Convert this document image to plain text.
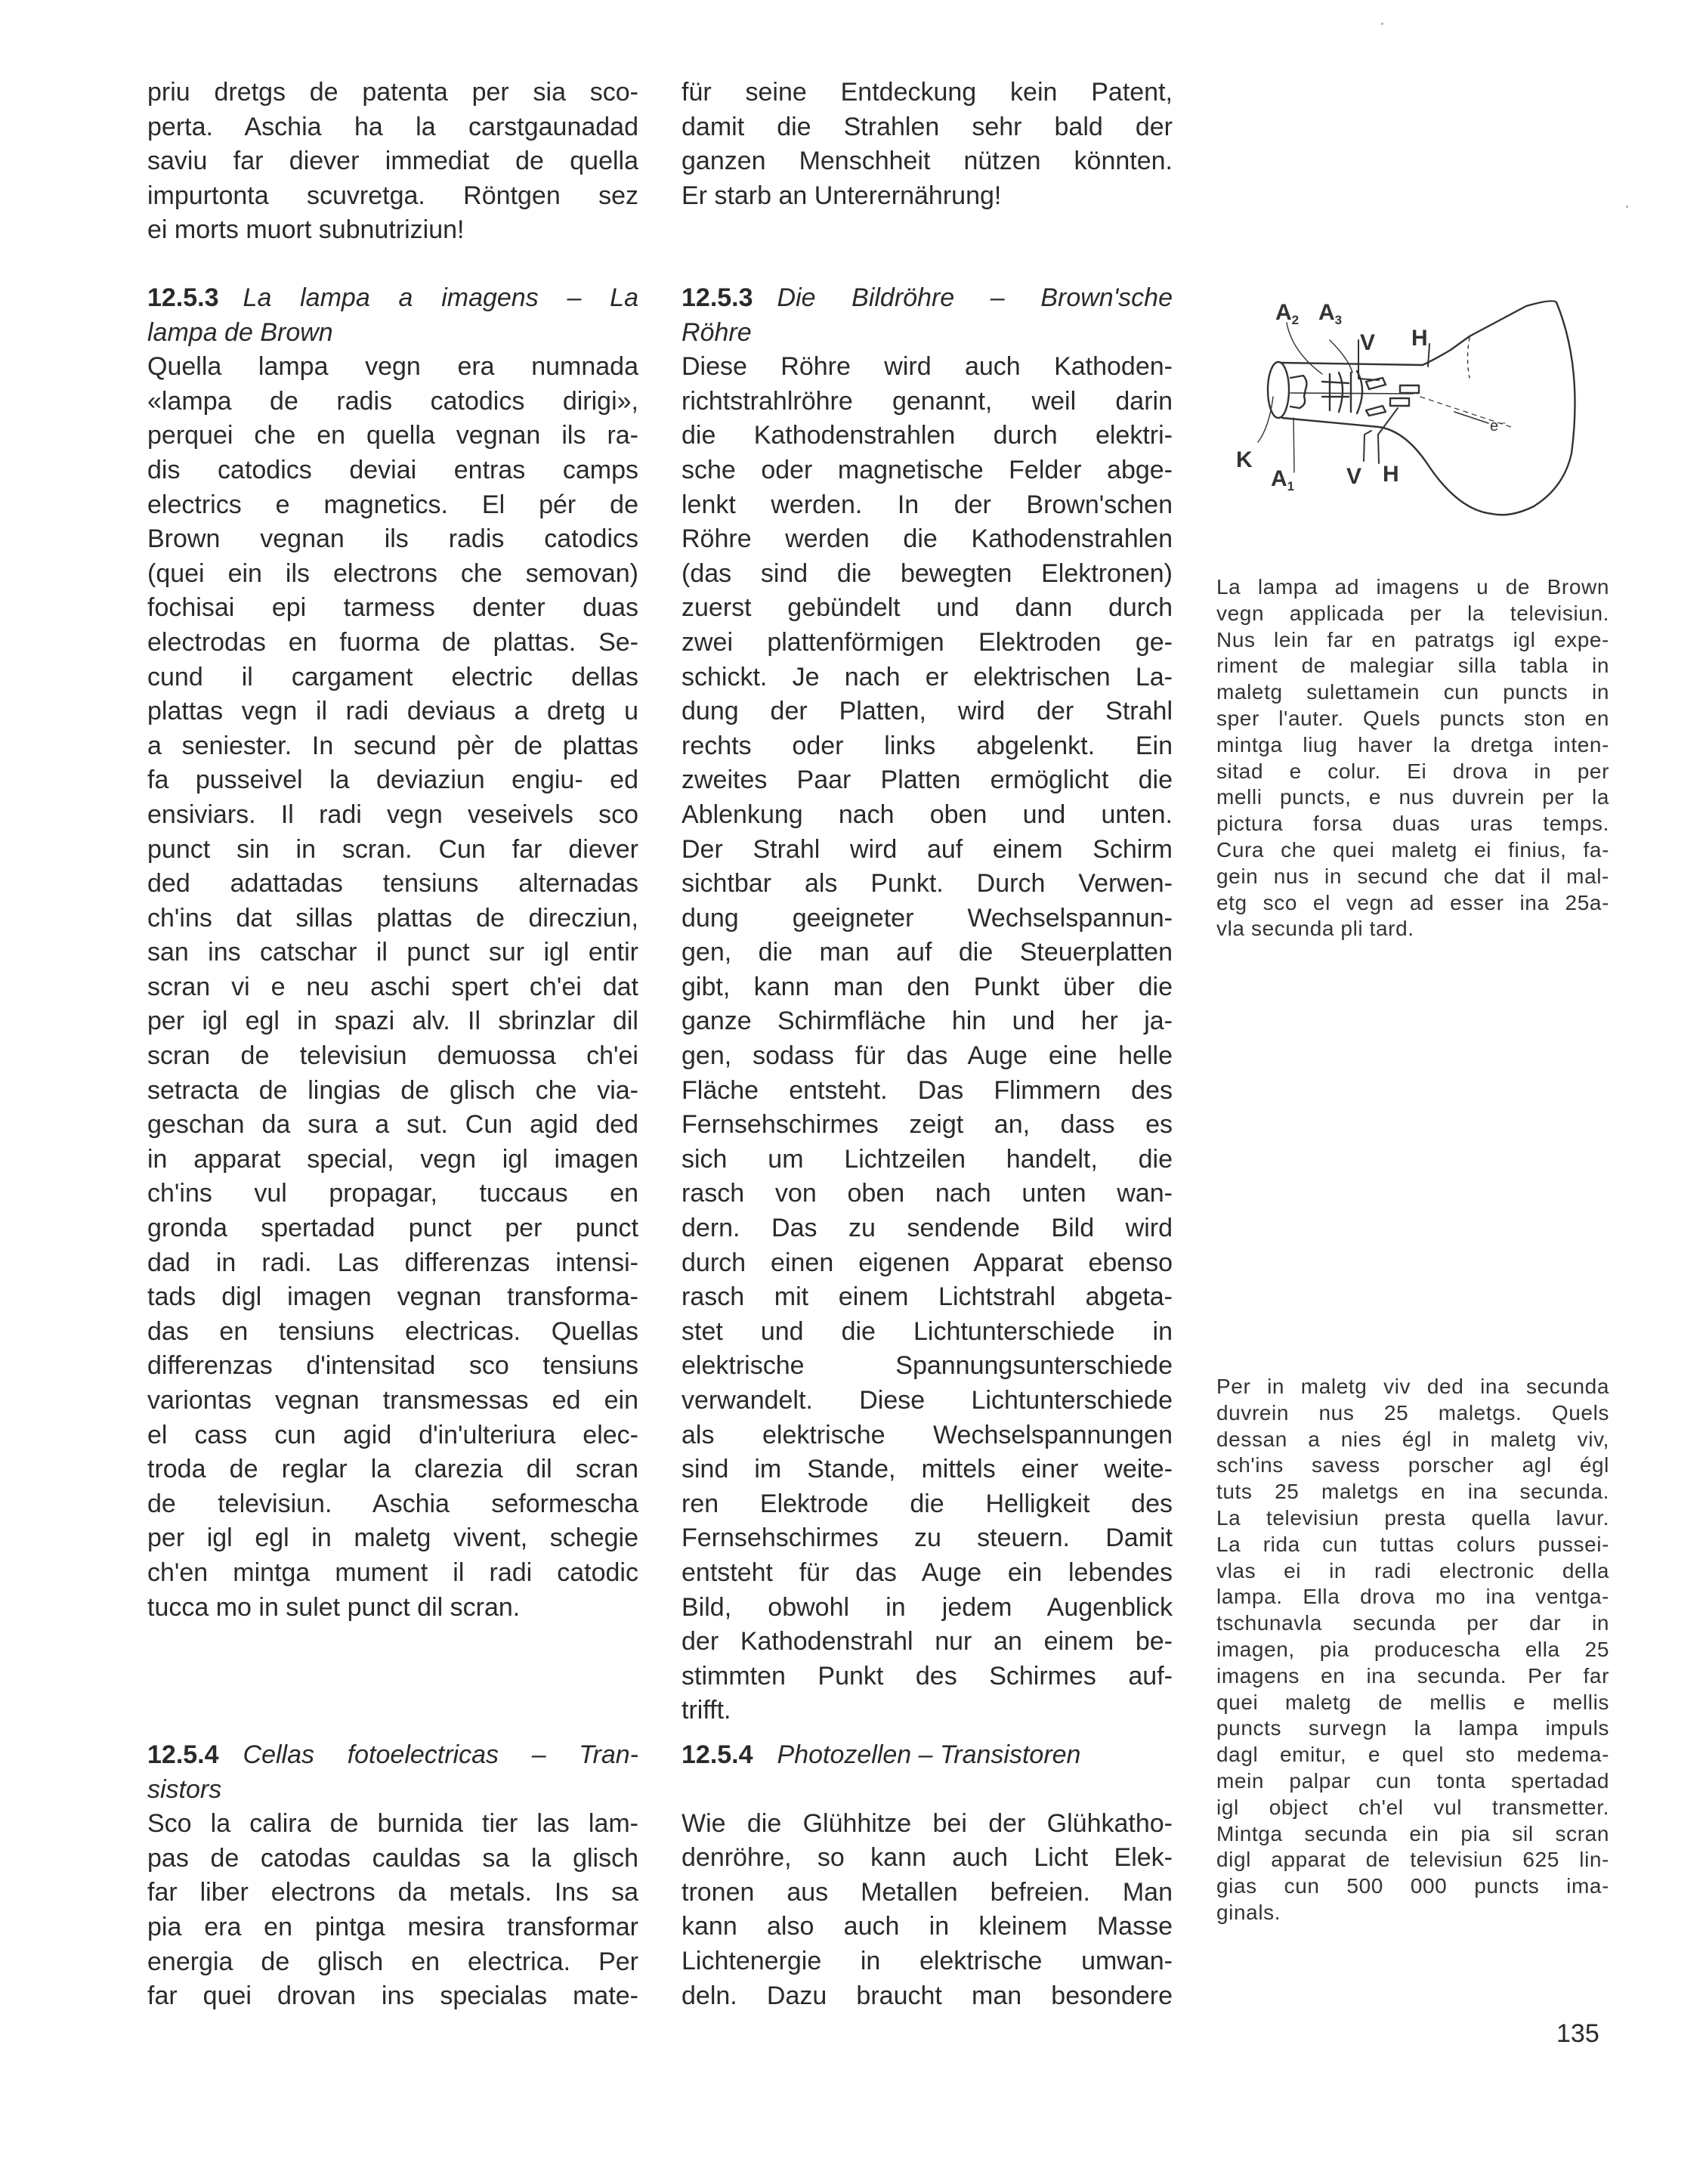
priu dretgs de patenta per sia sco-
perta. Aschia ha la carstgaunadad
saviu far diever immediat de quella
impurtonta scuvretga. Röntgen sez
ei morts muort subnutriziun!
12.5.3 La lampa a imagens – La
lampa de Brown
Quella lampa vegn era numnada
«lampa de radis catodics dirigi»,
perquei che en quella vegnan ils ra-
dis catodics deviai entras camps
electrics e magnetics. El pér de
Brown vegnan ils radis catodics
(quei ein ils electrons che semovan)
fochisai epi tarmess denter duas
electrodas en fuorma de plattas. Se-
cund il cargament electric dellas
plattas vegn il radi deviaus a dretg u
a seniester. In secund pèr de plattas
fa pusseivel la deviaziun engiu- ed
ensiviars. Il radi vegn veseivels sco
punct sin in scran. Cun far diever
ded adattadas tensiuns alternadas
ch'ins dat sillas plattas de direcziun,
san ins catschar il punct sur igl entir
scran vi e neu aschi spert ch'ei dat
per igl egl in spazi alv. Il sbrinzlar dil
scran de televisiun demuossa ch'ei
setracta de lingias de glisch che via-
geschan da sura a sut. Cun agid ded
in apparat special, vegn igl imagen
ch'ins vul propagar, tuccaus en
gronda spertadad punct per punct
dad in radi. Las differenzas intensi-
tads digl imagen vegnan transforma-
das en tensiuns electricas. Quellas
differenzas d'intensitad sco tensiuns
variontas vegnan transmessas ed ein
el cass cun agid d'in'ulteriura elec-
troda de reglar la clarezia dil scran
de televisiun. Aschia seformescha
per igl egl in maletg vivent, schegie
ch'en mintga mument il radi catodic
tucca mo in sulet punct dil scran.
12.5.4 Cellas fotoelectricas – Tran-
sistors
Sco la calira de burnida tier las lam-
pas de catodas cauldas sa la glisch
far liber electrons da metals. Ins sa
pia era en pintga mesira transformar
energia de glisch en electrica. Per
far quei drovan ins specialas mate-
für seine Entdeckung kein Patent,
damit die Strahlen sehr bald der
ganzen Menschheit nützen könnten.
Er starb an Unterernährung!
12.5.3 Die Bildröhre – Brown'sche
Röhre
Diese Röhre wird auch Kathoden-
richtstrahlröhre genannt, weil darin
die Kathodenstrahlen durch elektri-
sche oder magnetische Felder abge-
lenkt werden. In der Brown'schen
Röhre werden die Kathodenstrahlen
(das sind die bewegten Elektronen)
zuerst gebündelt und dann durch
zwei plattenförmigen Elektroden ge-
schickt. Je nach er elektrischen La-
dung der Platten, wird der Strahl
rechts oder links abgelenkt. Ein
zweites Paar Platten ermöglicht die
Ablenkung nach oben und unten.
Der Strahl wird auf einem Schirm
sichtbar als Punkt. Durch Verwen-
dung geeigneter Wechselspannun-
gen, die man auf die Steuerplatten
gibt, kann man den Punkt über die
ganze Schirmfläche hin und her ja-
gen, sodass für das Auge eine helle
Fläche entsteht. Das Flimmern des
Fernsehschirmes zeigt an, dass es
sich um Lichtzeilen handelt, die
rasch von oben nach unten wan-
dern. Das zu sendende Bild wird
durch einen eigenen Apparat ebenso
rasch mit einem Lichtstrahl abgeta-
stet und die Lichtunterschiede in
elektrische Spannungsunterschiede
verwandelt. Diese Lichtunterschiede
als elektrische Wechselspannungen
sind im Stande, mittels einer weite-
ren Elektrode die Helligkeit des
Fernsehschirmes zu steuern. Damit
entsteht für das Auge ein lebendes
Bild, obwohl in jedem Augenblick
der Kathodenstrahl nur an einem be-
stimmten Punkt des Schirmes auf-
trifft.
12.5.4 Photozellen – Transistoren
Wie die Glühhitze bei der Glühkatho-
denröhre, so kann auch Licht Elek-
tronen aus Metallen befreien. Man
kann also auch in kleinem Masse
Lichtenergie in elektrische umwan-
deln. Dazu braucht man besondere
$A_2$ $A_3$
V H
K
$A_1$ V H
e⁻
La lampa ad imagens u de Brown
vegn applicada per la televisiun.
Nus lein far en patratgs igl expe-
riment de malegiar silla tabla in
maletg sulettamein cun puncts in
sper l'auter. Quels puncts ston en
mintga liug haver la dretga inten-
sitad e colur. Ei drova in per
melli puncts, e nus duvrein per la
pictura forsa duas uras temps.
Cura che quei maletg ei finius, fa-
gein nus in secund che dat il mal-
etg sco el vegn ad esser ina 25a-
vla secunda pli tard.
Per in maletg viv ded ina secunda
duvrein nus 25 maletgs. Quels
dessan a nies égl in maletg viv,
sch'ins savess porscher agl égl
tuts 25 maletgs en ina secunda.
La televisiun presta quella lavur.
La rida cun tuttas colurs pussei-
vlas ei in radi electronic della
lampa. Ella drova mo ina ventga-
tschunavla secunda per dar in
imagen, pia producescha ella 25
imagens en ina secunda. Per far
quei maletg de mellis e mellis
puncts survegn la lampa impuls
dagl emitur, e quel sto medema-
mein palpar cun tonta spertadad
igl object ch'el vul transmetter.
Mintga secunda ein pia sil scran
digl apparat de televisiun 625 lin-
gias cun 500 000 puncts ima-
ginals.
135
